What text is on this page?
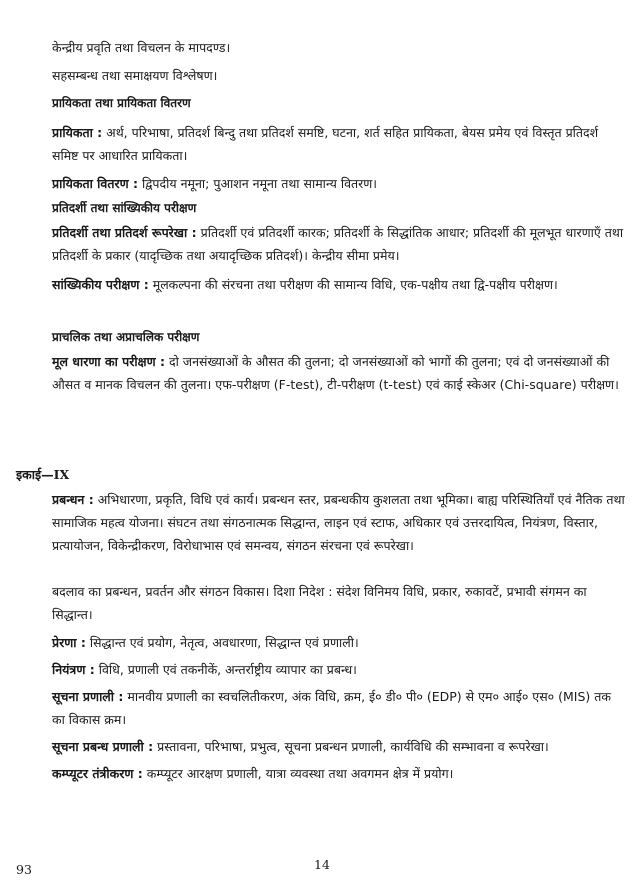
केन्द्रीय प्रवृति तथा विचलन के मापदण्ड।

सहसम्बन्ध तथा समाक्षयण विश्लेषण।

प्रायिकता तथा प्रायिकता वितरण

प्रायिकता : अर्थ, परिभाषा, प्रतिदर्श बिन्दु तथा प्रतिदर्श समष्टि, घटना, शर्त सहित प्रायिकता, बेयस प्रमेय एवं विस्तृत प्रतिदर्श समिष्ट पर आधारित प्रायिकता।

प्रायिकता वितरण : द्विपदीय नमूना; पुआशन नमूना तथा सामान्य वितरण।

प्रतिदर्शी तथा सांख्यिकीय परीक्षण

प्रतिदर्शी तथा प्रतिदर्श रूपरेखा : प्रतिदर्शी एवं प्रतिदर्शी कारक; प्रतिदर्शी के सिद्धांतिक आधार; प्रतिदर्शी की मूलभूत धारणाएँ तथा प्रतिदर्शी के प्रकार (यादृच्छिक तथा अयादृच्छिक प्रतिदर्श)। केन्द्रीय सीमा प्रमेय।

सांख्यिकीय परीक्षण : मूलकल्पना की संरचना तथा परीक्षण की सामान्य विधि, एक-पक्षीय तथा द्वि-पक्षीय परीक्षण।

प्राचलिक तथा अप्राचलिक परीक्षण

मूल धारणा का परीक्षण : दो जनसंख्याओं के औसत की तुलना; दो जनसंख्याओं को भागों की तुलना; एवं दो जनसंख्याओं की औसत व मानक विचलन की तुलना। एफ-परीक्षण (F-test), टी-परीक्षण (t-test) एवं काई स्केअर (Chi-square) परीक्षण।

इकाई—IX

प्रबन्धन : अभिधारणा, प्रकृति, विधि एवं कार्य। प्रबन्धन स्तर, प्रबन्धकीय कुशलता तथा भूमिका। बाह्य परिस्थितियाँ एवं नैतिक तथा सामाजिक महत्व योजना। संघटन तथा संगठनात्मक सिद्धान्त, लाइन एवं स्टाफ, अधिकार एवं उत्तरदायित्व, नियंत्रण, विस्तार, प्रत्यायोजन, विकेन्द्रीकरण, विरोधाभास एवं समन्वय, संगठन संरचना एवं रूपरेखा।

बदलाव का प्रबन्धन, प्रवर्तन और संगठन विकास। दिशा निदेश : संदेश विनिमय विधि, प्रकार, रुकावटें, प्रभावी संगमन का सिद्धान्त।

प्रेरणा : सिद्धान्त एवं प्रयोग, नेतृत्व, अवधारणा, सिद्धान्त एवं प्रणाली।

नियंत्रण : विधि, प्रणाली एवं तकनीकें, अन्तर्राष्ट्रीय व्यापार का प्रबन्ध।

सूचना प्रणाली : मानवीय प्रणाली का स्वचलितीकरण, अंक विधि, क्रम, ई० डी० पी० (EDP) से एम० आई० एस० (MIS) तक का विकास क्रम।

सूचना प्रबन्ध प्रणाली : प्रस्तावना, परिभाषा, प्रभुत्व, सूचना प्रबन्धन प्रणाली, कार्यविधि की सम्भावना व रूपरेखा।

कम्प्यूटर तंत्रीकरण : कम्प्यूटर आरक्षण प्रणाली, यात्रा व्यवस्था तथा अवगमन क्षेत्र में प्रयोग।

93	14
